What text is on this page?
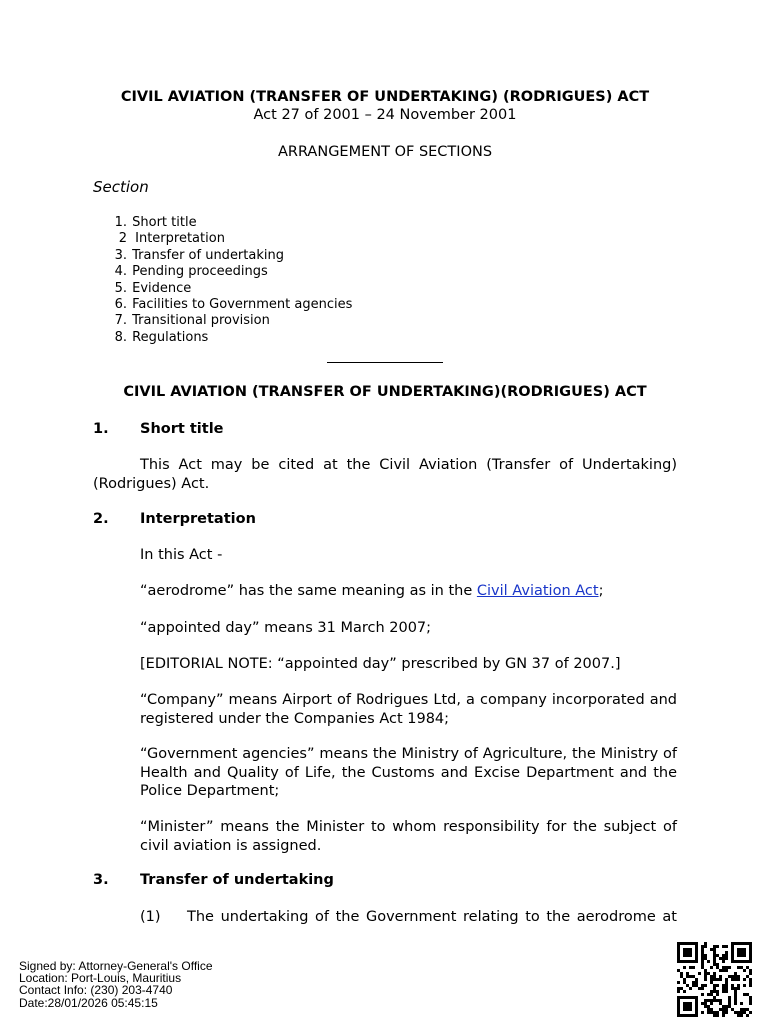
CIVIL AVIATION (TRANSFER OF UNDERTAKING) (RODRIGUES) ACT
Act 27 of 2001 – 24 November 2001
ARRANGEMENT OF SECTIONS
Section
1.
Short title
2
Interpretation
3.
Transfer of undertaking
4.
Pending proceedings
5.
Evidence
6.
Facilities to Government agencies
7.
Transitional provision
8.
Regulations
CIVIL AVIATION (TRANSFER OF UNDERTAKING)(RODRIGUES) ACT
1. Short title
This Act may be cited at the Civil Aviation (Transfer of Undertaking) (Rodrigues) Act.
2. Interpretation
In this Act -
“aerodrome” has the same meaning as in the Civil Aviation Act;
“appointed day” means 31 March 2007;
[EDITORIAL NOTE: “appointed day” prescribed by GN 37 of 2007.]
“Company” means Airport of Rodrigues Ltd, a company incorporated and registered under the Companies Act 1984;
“Government agencies” means the Ministry of Agriculture, the Ministry of Health and Quality of Life, the Customs and Excise Department and the Police Department;
“Minister” means the Minister to whom responsibility for the subject of civil aviation is assigned.
3. Transfer of undertaking
(1) The undertaking of the Government relating to the aerodrome at
Signed by: Attorney-General's Office
Location: Port-Louis, Mauritius
Contact Info: (230) 203-4740
Date:28/01/2026 05:45:15
